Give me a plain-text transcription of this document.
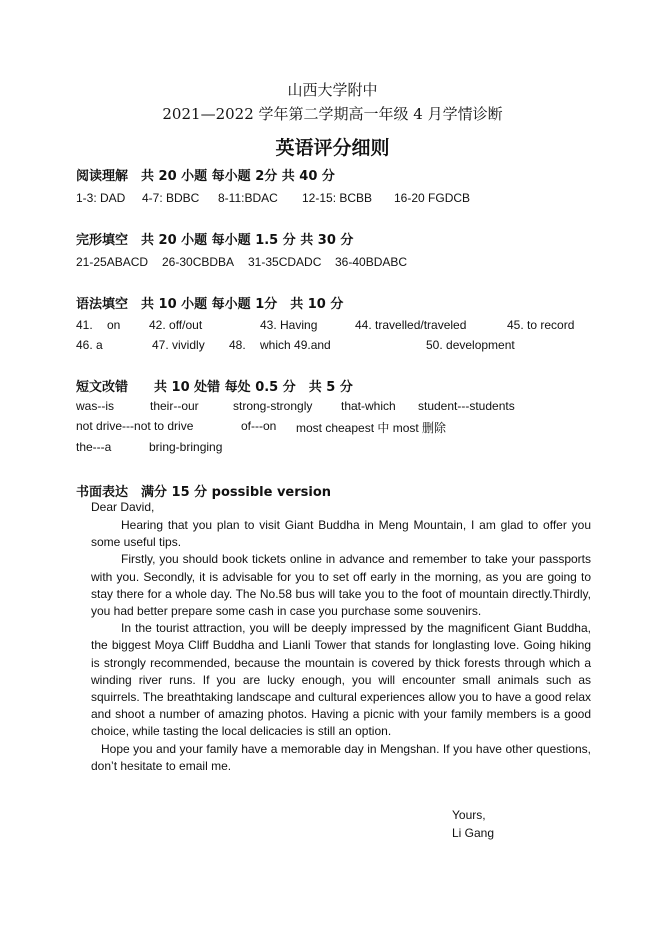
山西大学附中
2021—2022 学年第二学期高一年级 4 月学情诊断
英语评分细则
阅读理解　共 20 小题 每小题 2分 共 40 分
1-3: DAD 4-7: BDBC 8-11:BDAC 12-15: BCBB 16-20 FGDCB
完形填空　共 20 小题 每小题 1.5 分 共 30 分
21-25ABACD 26-30CBDBA 31-35CDADC 36-40BDABC
语法填空　共 10 小题 每小题 1分　共 10 分
41. on 42. off/out	43. Having	44. travelled/traveled	45. to record
46. a	47. vividly 48. which 49.and	50. development
短文改错　　共 10 处错 每处 0.5 分　共 5 分
was--is	their--our	strong-strongly that-which student---students
not drive---not to drive	of---on most cheapest 中 most 删除
the---a	bring-bringing
书面表达　满分 15 分 possible version
Dear David,

Hearing that you plan to visit Giant Buddha in Meng Mountain, I am glad to offer you some useful tips.

Firstly, you should book tickets online in advance and remember to take your passports with you. Secondly, it is advisable for you to set off early in the morning, as you are going to stay there for a whole day. The No.58 bus will take you to the foot of mountain directly.Thirdly, you had better prepare some cash in case you purchase some souvenirs.

In the tourist attraction, you will be deeply impressed by the magnificent Giant Buddha, the biggest Moya Cliff Buddha and Lianli Tower that stands for longlasting love. Going hiking is strongly recommended, because the mountain is covered by thick forests through which a winding river runs. If you are lucky enough, you will encounter small animals such as squirrels. The breathtaking landscape and cultural experiences allow you to have a good relax and shoot a number of amazing photos. Having a picnic with your family members is a good choice, while tasting the local delicacies is still an option.

Hope you and your family have a memorable day in Mengshan. If you have other questions, don’t hesitate to email me.

Yours,
Li Gang
